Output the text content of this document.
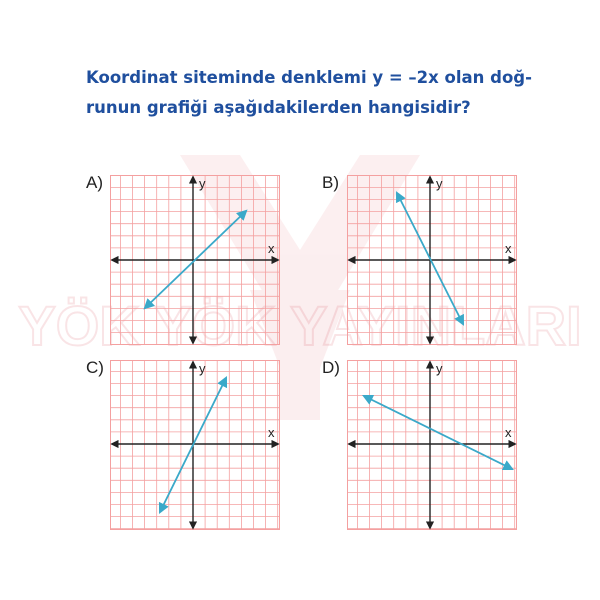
YÖK YÖK YAYINLARI
Koordinat siteminde denklemi y = –2x olan doğ-
runun grafiği aşağıdakilerden hangisidir?
A)
x
y	B)
x
y
C)
x
y	D)
x
y
